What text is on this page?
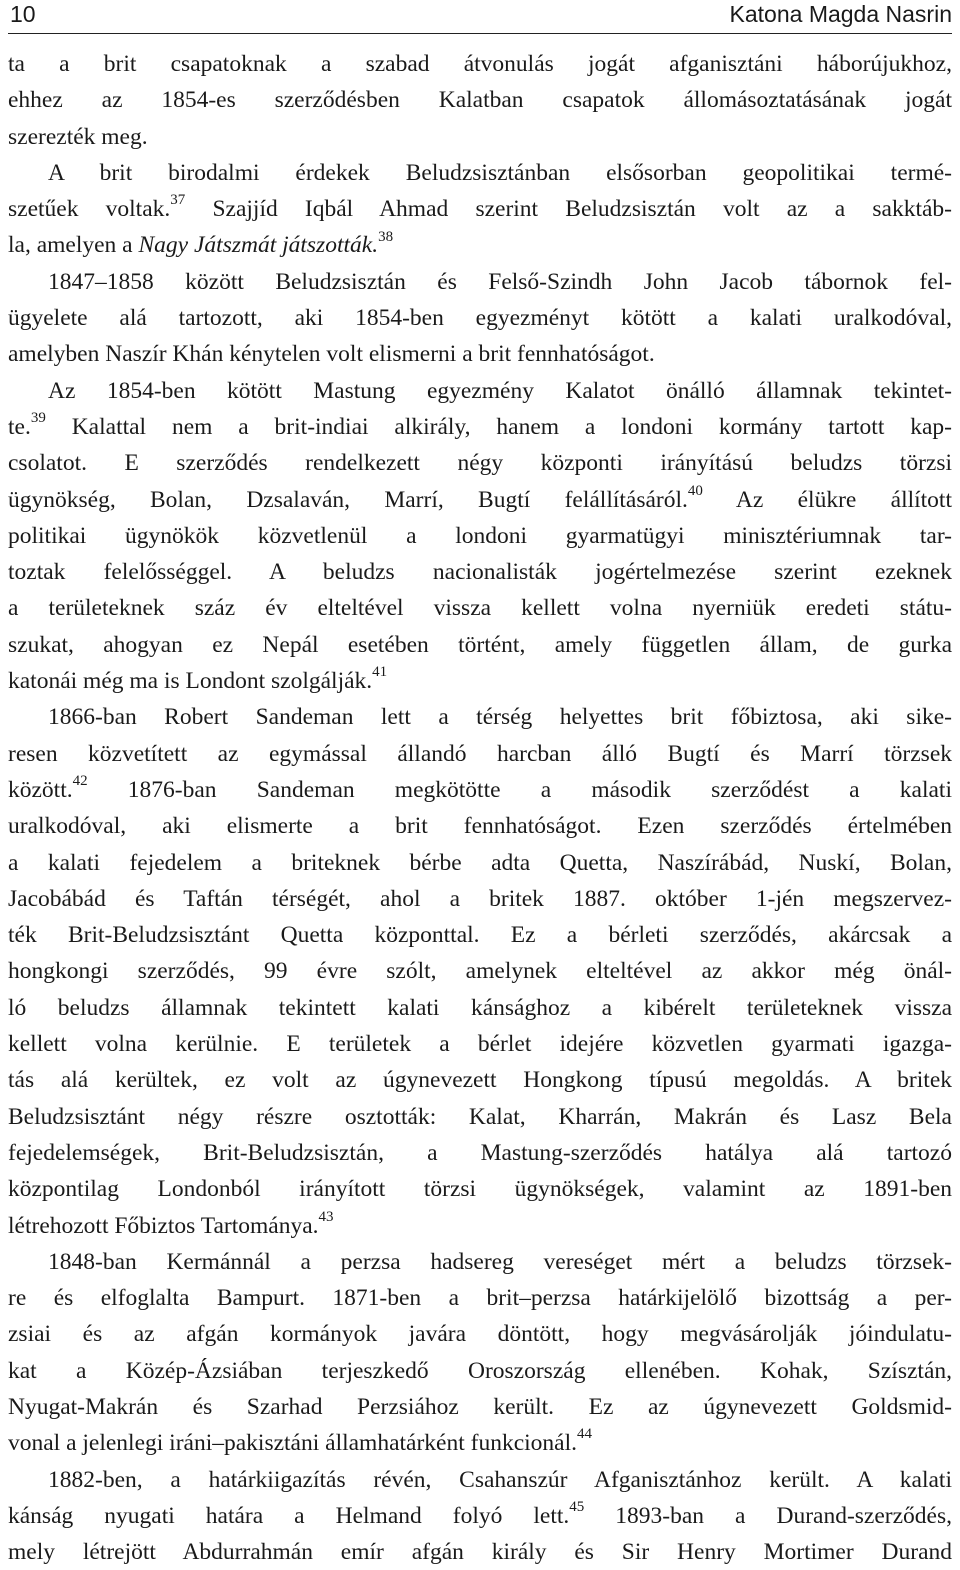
10	Katona Magda Nasrin
ta a brit csapatoknak a szabad átvonulás jogát afganisztáni háborújukhoz,
ehhez az 1854-es szerződésben Kalatban csapatok állomásoztatásának jogát
szerezték meg.
A brit birodalmi érdekek Beludzsisztánban elsősorban geopolitikai termé-
szetűek voltak.$^{37}$ Szajjíd Iqbál Ahmad szerint Beludzsisztán volt az a sakktáb-
la, amelyen a Nagy Játszmát játszották.$^{38}$
1847–1858 között Beludzsisztán és Felső-Szindh John Jacob tábornok fel-
ügyelete alá tartozott, aki 1854-ben egyezményt kötött a kalati uralkodóval,
amelyben Naszír Khán kénytelen volt elismerni a brit fennhatóságot.
Az 1854-ben kötött Mastung egyezmény Kalatot önálló államnak tekintet-
te.$^{39}$ Kalattal nem a brit-indiai alkirály, hanem a londoni kormány tartott kap-
csolatot. E szerződés rendelkezett négy központi irányítású beludzs törzsi
ügynökség, Bolan, Dzsalaván, Marrí, Bugtí felállításáról.$^{40}$ Az élükre állított
politikai ügynökök közvetlenül a londoni gyarmatügyi minisztériumnak tar-
toztak felelősséggel. A beludzs nacionalisták jogértelmezése szerint ezeknek
a területeknek száz év elteltével vissza kellett volna nyerniük eredeti státu-
szukat, ahogyan ez Nepál esetében történt, amely független állam, de gurka
katonái még ma is Londont szolgálják.$^{41}$
1866-ban Robert Sandeman lett a térség helyettes brit főbiztosa, aki sike-
resen közvetített az egymással állandó harcban álló Bugtí és Marrí törzsek
között.$^{42}$ 1876-ban Sandeman megkötötte a második szerződést a kalati
uralkodóval, aki elismerte a brit fennhatóságot. Ezen szerződés értelmében
a kalati fejedelem a briteknek bérbe adta Quetta, Naszírábád, Nuskí, Bolan,
Jacobábád és Taftán térségét, ahol a britek 1887. október 1-jén megszervez-
ték Brit-Beludzsisztánt Quetta központtal. Ez a bérleti szerződés, akárcsak a
hongkongi szerződés, 99 évre szólt, amelynek elteltével az akkor még önál-
ló beludzs államnak tekintett kalati kánsághoz a kibérelt területeknek vissza
kellett volna kerülnie. E területek a bérlet idejére közvetlen gyarmati igazga-
tás alá kerültek, ez volt az úgynevezett Hongkong típusú megoldás. A britek
Beludzsisztánt négy részre osztották: Kalat, Kharrán, Makrán és Lasz Bela
fejedelemségek, Brit-Beludzsisztán, a Mastung-szerződés hatálya alá tartozó
központilag Londonból irányított törzsi ügynökségek, valamint az 1891-ben
létrehozott Főbiztos Tartománya.$^{43}$
1848-ban Kermánnál a perzsa hadsereg vereséget mért a beludzs törzsek-
re és elfoglalta Bampurt. 1871-ben a brit–perzsa határkijelölő bizottság a per-
zsiai és az afgán kormányok javára döntött, hogy megvásárolják jóindulatu-
kat a Közép-Ázsiában terjeszkedő Oroszország ellenében. Kohak, Szísztán,
Nyugat-Makrán és Szarhad Perzsiához került. Ez az úgynevezett Goldsmid-
vonal a jelenlegi iráni–pakisztáni államhatárként funkcionál.$^{44}$
1882-ben, a határkiigazítás révén, Csahanszúr Afganisztánhoz került. A kalati
kánság nyugati határa a Helmand folyó lett.$^{45}$ 1893-ban a Durand-szerződés,
mely létrejött Abdurrahmán emír afgán király és Sir Henry Mortimer Durand
